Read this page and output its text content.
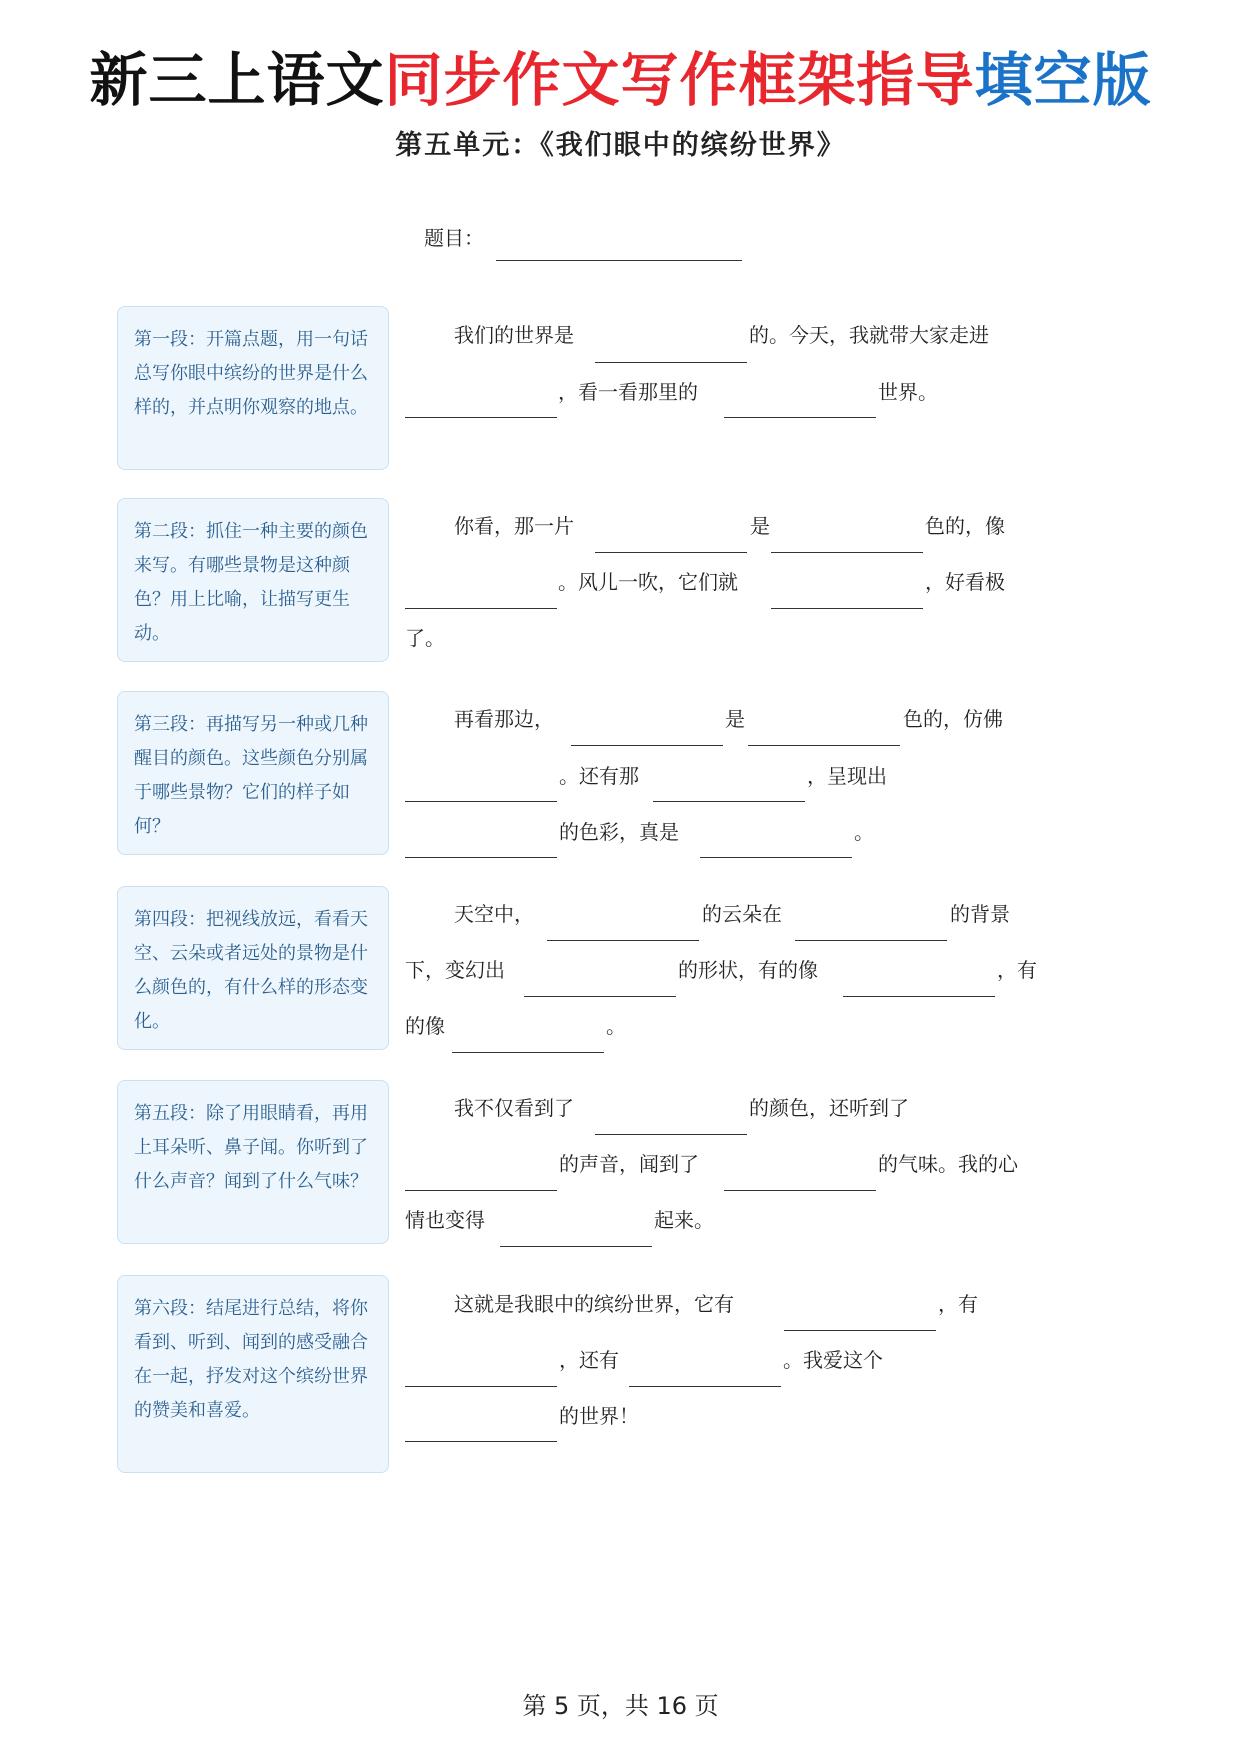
新三上语文同步作文写作框架指导填空版
第五单元：《我们眼中的缤纷世界》
题目：
第一段：开篇点题，用一句话总写你眼中缤纷的世界是什么样的，并点明你观察的地点。
我们的世界是	的。今天，我就带大家走进
，看一看那里的	世界。
第二段：抓住一种主要的颜色来写。有哪些景物是这种颜色？用上比喻，让描写更生动。
你看，那一片	是	色的，像
。风儿一吹，它们就	，好看极
了。
第三段：再描写另一种或几种醒目的颜色。这些颜色分别属于哪些景物？它们的样子如何？
再看那边，	是	色的，仿佛
。还有那	，呈现出
的色彩，真是	。
第四段：把视线放远，看看天空、云朵或者远处的景物是什么颜色的，有什么样的形态变化。
天空中，	的云朵在	的背景
下，变幻出	的形状，有的像	，有
的像	。
第五段：除了用眼睛看，再用上耳朵听、鼻子闻。你听到了什么声音？闻到了什么气味？
我不仅看到了	的颜色，还听到了
的声音，闻到了	的气味。我的心
情也变得	起来。
第六段：结尾进行总结，将你看到、听到、闻到的感受融合在一起，抒发对这个缤纷世界的赞美和喜爱。
这就是我眼中的缤纷世界，它有	，有
，还有	。我爱这个
的世界！
第 5 页，共 16 页
